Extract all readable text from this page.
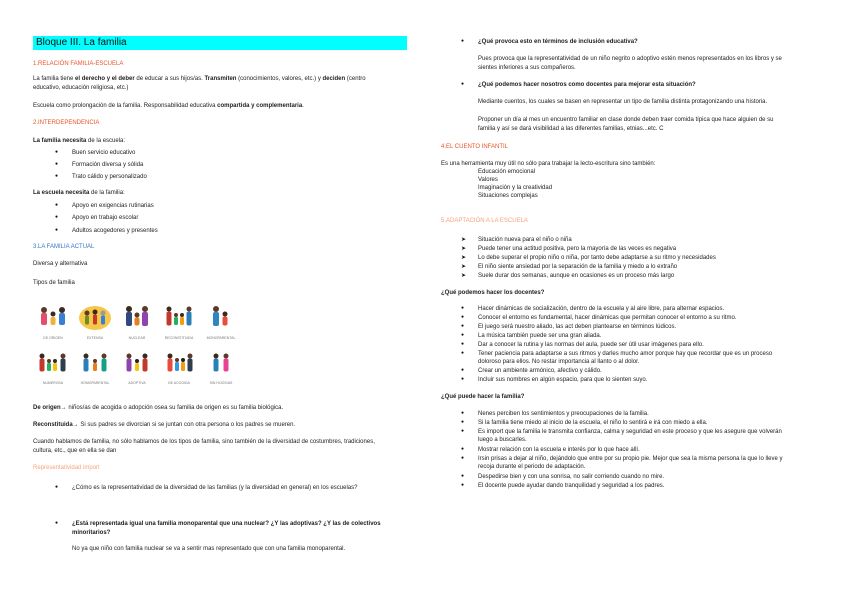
Bloque III. La familia
1.RELACIÓN FAMILIA-ESCUELA
La familia tiene el derecho y el deber de educar a sus hijos/as. Transmiten (conocimientos, valores, etc.) y deciden (centro
educativo, educación religiosa, etc.)
Escuela como prolongación de la familia. Responsabilidad educativa compartida y complementaria.
2.INTERDEPENDENCIA
La familia necesita de la escuela:
● Buen servicio educativo
● Formación diversa y sólida
● Trato cálido y personalizado
La escuela necesita de la familia:
● Apoyo en exigencias rutinarias
● Apoyo en trabajo escolar
● Adultos acogedores y presentes
3.LA FAMILIA ACTUAL
Diversa y alternativa
Tipos de familia
DE ORIGEN	EXTENSA	NUCLEAR	RECONSTITUIDA	MONOPARENTAL
NUMEROSA	HOMOPARENTAL	ADOPTIVA	DE ACOGIDA	SIN HIJOS/AS
De origen→ niños/as de acogida o adopción osea su familia de origen es su familia biológica.
Reconstituida→ Si sus padres se divorcian si se juntan con otra persona o los padres se mueren.
Cuando hablamos de familia, no sólo hablamos de los tipos de familia, sino también de la diversidad de costumbres, tradiciones,
cultura, etc., que en ella se dan
Representatividad import
● ¿Cómo es la representatividad de la diversidad de las familias (y la diversidad en general) en los escuelas?
● ¿Está representada igual una familia monoparental que una nuclear? ¿Y las adoptivas? ¿Y las de colectivos
minoritarios?
No ya que niño con familia nuclear se va a sentir mas representado que con una familia monoparental.
● ¿Qué provoca esto en términos de inclusión educativa?
Pues provoca que la representatividad de un niño negrito o adoptivo estén menos representados en los libros y se
sientes inferiores a sus compañeros.
● ¿Qué podemos hacer nosotros como docentes para mejorar esta situación?
Mediante cuentos, los cuales se basen en representar un tipo de familia distinta protagonizando una historia.
Proponer un día al mes un encuentro familiar en clase donde deben traer comida típica que hace alguien de su
familia y así se dará visibilidad a las diferentes familias, etnias...etc. C
4.EL CUENTO INFANTIL
Es una herramienta muy útil no sólo para trabajar la lecto-escritura sino también:
Educación emocional
Valores
Imaginación y la creatividad
Situaciones complejas
5.ADAPTACIÓN A LA ESCUELA
➤ Situación nueva para el niño o niña
➤ Puede tener una actitud positiva, pero la mayoría de las veces es negativa
➤ Lo debe superar el propio niño o niña, por tanto debe adaptarse a su ritmo y necesidades
➤ El niño siente ansiedad por la separación de la familia y miedo a lo extraño
➤ Suele durar dos semanas, aunque en ocasiones es un proceso más largo
¿Qué podemos hacer los docentes?
● Hacer dinámicas de socialización, dentro de la escuela y al aire libre, para alternar espacios.
● Conocer el entorno es fundamental, hacer dinámicas que permitan conocer el entorno a su ritmo.
● El juego será nuestro aliado, las act deben plantearse en términos lúdicos.
● La música también puede ser una gran aliada.
● Dar a conocer la rutina y las normas del aula, puede ser útil usar imágenes para ello.
● Tener paciencia para adaptarse a sus ritmos y darles mucho amor porque hay que recordar que es un proceso
doloroso para ellos. No restar importancia al llanto o al dolor.
● Crear un ambiente armónico, afectivo y cálido.
● Incluir sus nombres en algún espacio, para que lo sienten suyo.
¿Qué puede hacer la familia?
● Nenes perciben los sentimientos y preocupaciones de la familia.
● Si la familia tiene miedo al inicio de la escuela, el niño lo sentirá e irá con miedo a ella.
● Es import que la familia le transmita confianza, calma y seguridad en este proceso y que les asegure que volverán
luego a buscarles.
● Mostrar relación con la escuela e interés por lo que hace allí.
● Irsin prisas a dejar al niño, dejándolo que entre por su propio pie. Mejor que sea la misma persona la que lo lleve y
recoja durante el periodo de adaptación.
● Despedirse bien y con una sonrisa, no salir corriendo cuando no mire.
● El docente puede ayudar dando tranquilidad y seguridad a los padres.
